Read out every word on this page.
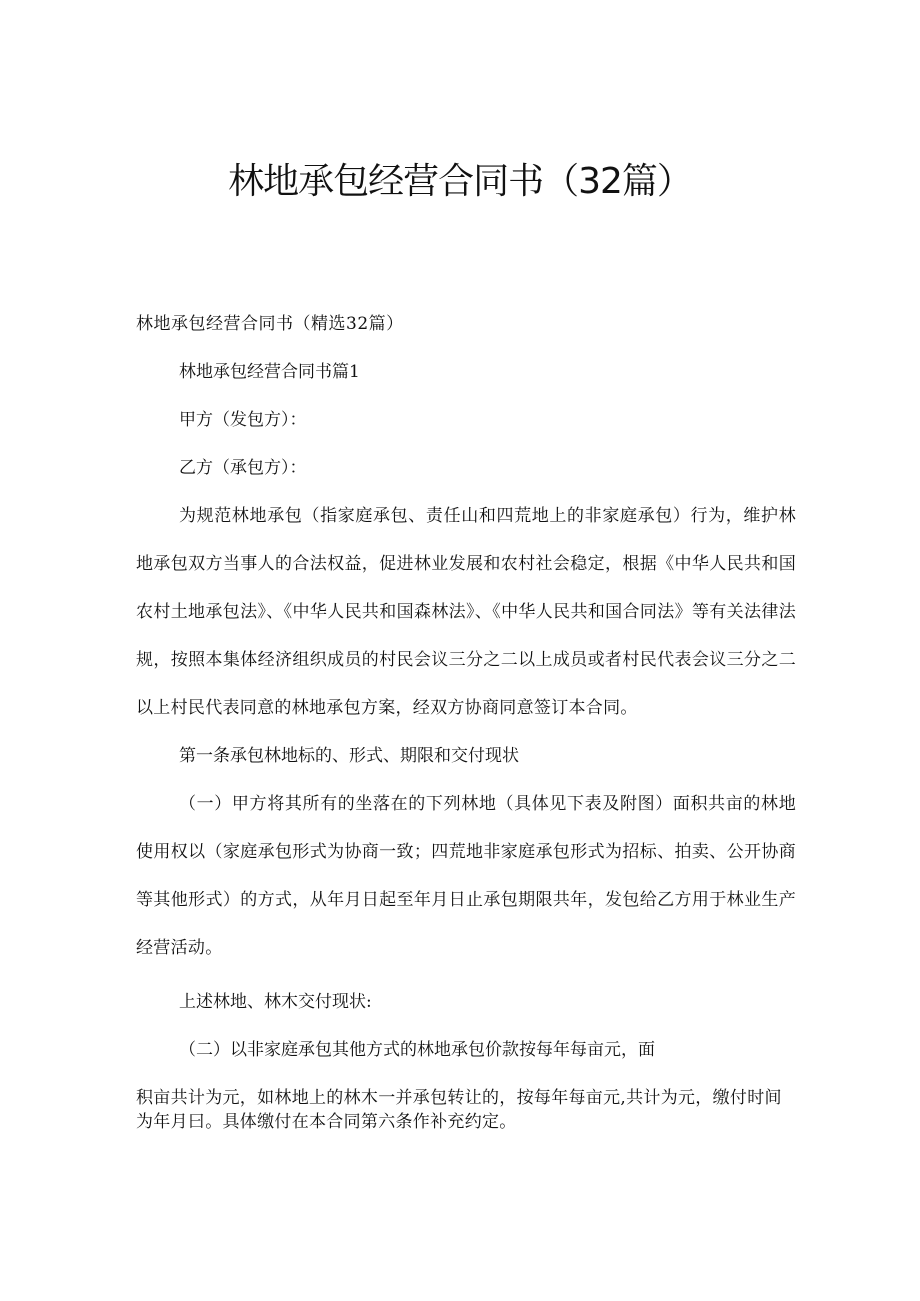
林地承包经营合同书（32篇）

林地承包经营合同书（精选32篇）

林地承包经营合同书篇1

甲方（发包方）：

乙方（承包方）：

为规范林地承包（指家庭承包、责任山和四荒地上的非家庭承包）行为，维护林地承包双方当事人的合法权益，促进林业发展和农村社会稳定，根据《中华人民共和国农村土地承包法》、《中华人民共和国森林法》、《中华人民共和国合同法》等有关法律法规，按照本集体经济组织成员的村民会议三分之二以上成员或者村民代表会议三分之二以上村民代表同意的林地承包方案，经双方协商同意签订本合同。

第一条承包林地标的、形式、期限和交付现状

（一）甲方将其所有的坐落在的下列林地（具体见下表及附图）面积共亩的林地使用权以（家庭承包形式为协商一致；四荒地非家庭承包形式为招标、拍卖、公开协商等其他形式）的方式，从年月日起至年月日止承包期限共年，发包给乙方用于林业生产经营活动。

上述林地、林木交付现状:

（二）以非家庭承包其他方式的林地承包价款按每年每亩元，面

积亩共计为元，如林地上的林木一并承包转让的，按每年每亩元,共计为元，缴付时间为年月曰。具体缴付在本合同第六条作补充约定。
